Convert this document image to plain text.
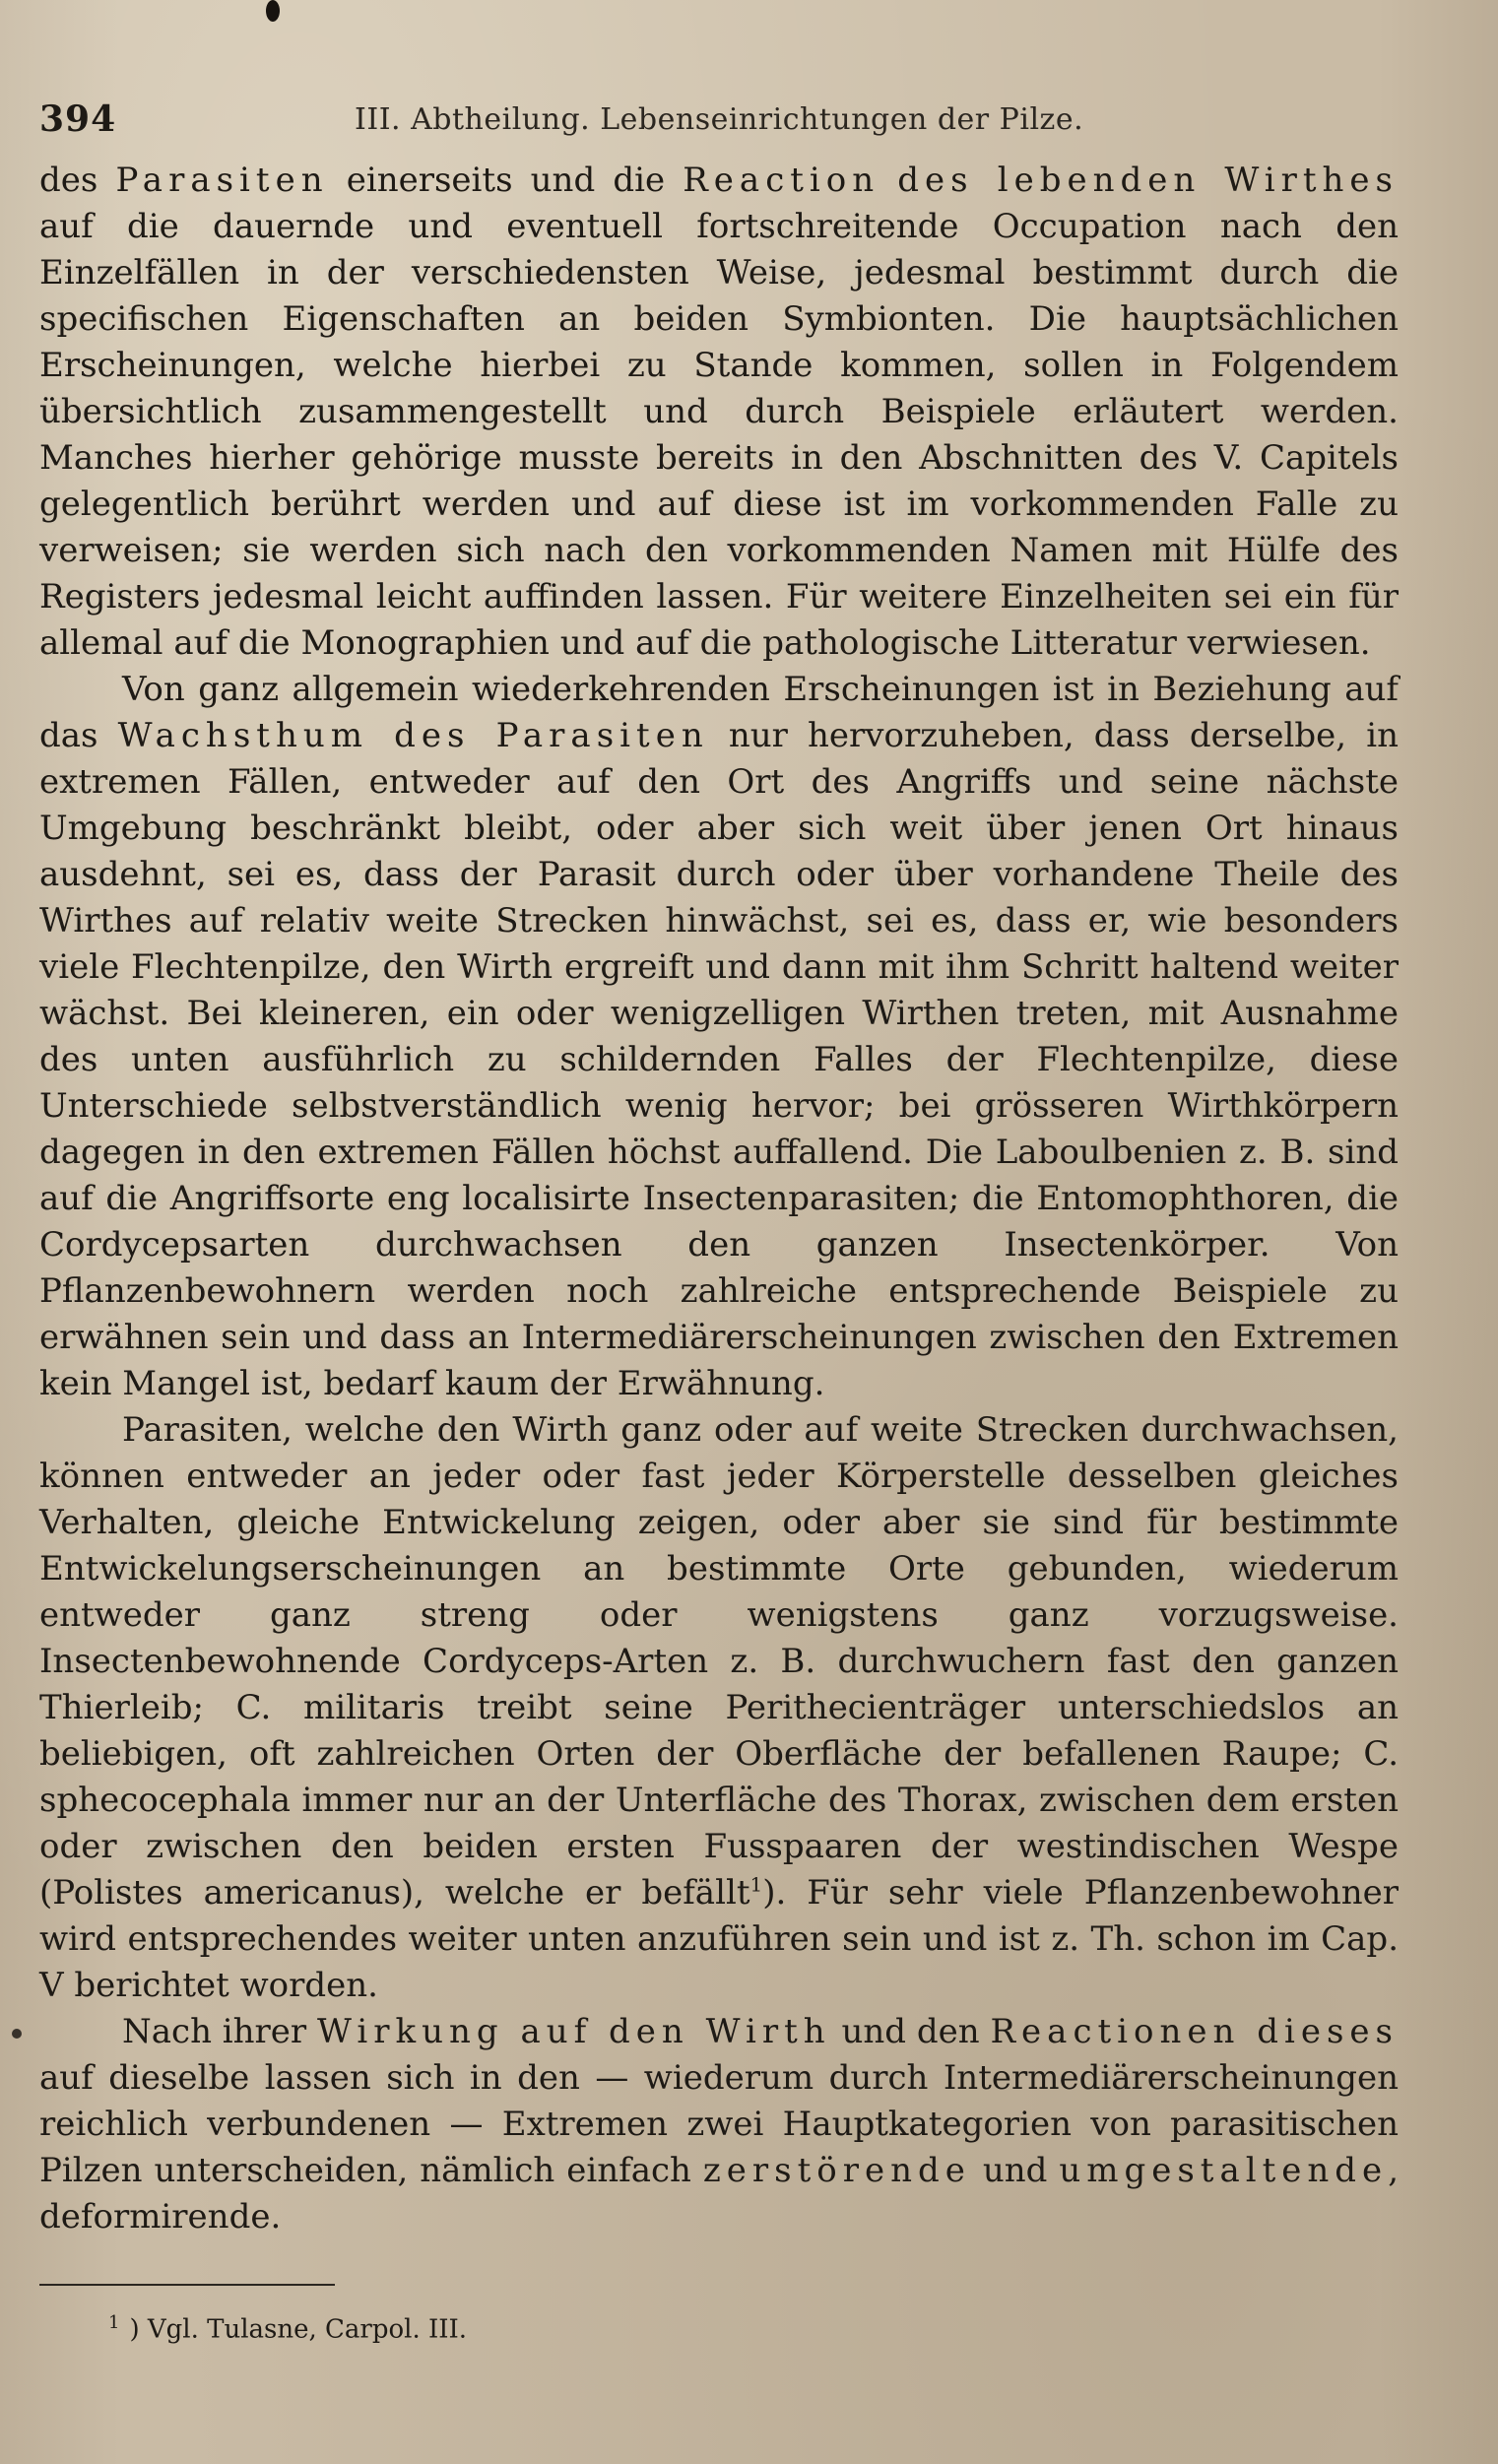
394	III. Abtheilung. Lebenseinrichtungen der Pilze.

des Parasiten einerseits und die Reaction des lebenden Wirthes auf die dauernde und eventuell fortschreitende Occupation nach den Einzelfällen in der verschiedensten Weise, jedesmal bestimmt durch die specifischen Eigenschaften an beiden Symbionten. Die hauptsächlichen Erscheinungen, welche hierbei zu Stande kommen, sollen in Folgendem übersichtlich zusammengestellt und durch Beispiele erläutert werden. Manches hierher gehörige musste bereits in den Abschnitten des V. Capitels gelegentlich berührt werden und auf diese ist im vorkommenden Falle zu verweisen; sie werden sich nach den vorkommenden Namen mit Hülfe des Registers jedesmal leicht auffinden lassen. Für weitere Einzelheiten sei ein für allemal auf die Monographien und auf die pathologische Litteratur verwiesen.

Von ganz allgemein wiederkehrenden Erscheinungen ist in Beziehung auf das Wachsthum des Parasiten nur hervorzuheben, dass derselbe, in extremen Fällen, entweder auf den Ort des Angriffs und seine nächste Umgebung beschränkt bleibt, oder aber sich weit über jenen Ort hinaus ausdehnt, sei es, dass der Parasit durch oder über vorhandene Theile des Wirthes auf relativ weite Strecken hinwächst, sei es, dass er, wie besonders viele Flechtenpilze, den Wirth ergreift und dann mit ihm Schritt haltend weiter wächst. Bei kleineren, ein oder wenigzelligen Wirthen treten, mit Ausnahme des unten ausführlich zu schildernden Falles der Flechtenpilze, diese Unterschiede selbstverständlich wenig hervor; bei grösseren Wirthkörpern dagegen in den extremen Fällen höchst auffallend. Die Laboulbenien z. B. sind auf die Angriffsorte eng localisirte Insectenparasiten; die Entomophthoren, die Cordycepsarten durchwachsen den ganzen Insectenkörper. Von Pflanzenbewohnern werden noch zahlreiche entsprechende Beispiele zu erwähnen sein und dass an Intermediärerscheinungen zwischen den Extremen kein Mangel ist, bedarf kaum der Erwähnung.

Parasiten, welche den Wirth ganz oder auf weite Strecken durchwachsen, können entweder an jeder oder fast jeder Körperstelle desselben gleiches Verhalten, gleiche Entwickelung zeigen, oder aber sie sind für bestimmte Entwickelungserscheinungen an bestimmte Orte gebunden, wiederum entweder ganz streng oder wenigstens ganz vorzugsweise. Insectenbewohnende Cordyceps-Arten z. B. durchwuchern fast den ganzen Thierleib; C. militaris treibt seine Perithecienträger unterschiedslos an beliebigen, oft zahlreichen Orten der Oberfläche der befallenen Raupe; C. sphecocephala immer nur an der Unterfläche des Thorax, zwischen dem ersten oder zwischen den beiden ersten Fusspaaren der westindischen Wespe (Polistes americanus), welche er befällt$^1$). Für sehr viele Pflanzenbewohner wird entsprechendes weiter unten anzuführen sein und ist z. Th. schon im Cap. V berichtet worden.

Nach ihrer Wirkung auf den Wirth und den Reactionen dieses auf dieselbe lassen sich in den — wiederum durch Intermediärerscheinungen reichlich verbundenen — Extremen zwei Hauptkategorien von parasitischen Pilzen unterscheiden, nämlich einfach zerstörende und umgestaltende, deformirende.

$^1$ ) Vgl. Tulasne, Carpol. III.
